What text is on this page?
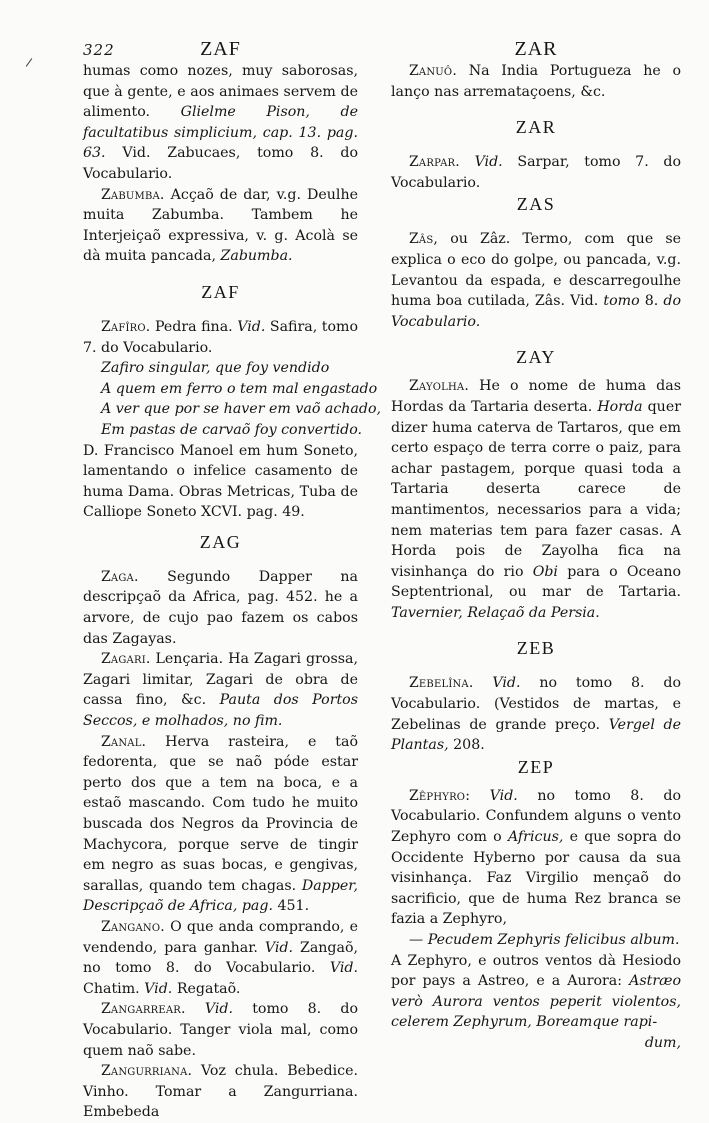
322	ZAF

humas como nozes, muy saborosas, que à gente, e aos animaes servem de alimento. Glielme Pison, de facultatibus simplicium, cap. 13. pag. 63. Vid. Zabucaes, tomo 8. do Vocabulario.

Zabumba. Acçaõ de dar, v.g. Deulhe muita Zabumba. Tambem he Interjeiçaõ expressiva, v. g. Acolà se dà muita pancada, Zabumba.

ZAF

Zafîro. Pedra fina. Vid. Safira, tomo 7. do Vocabulario.

Zafiro singular, que foy vendido
A quem em ferro o tem mal engastado
A ver que por se haver em vaõ achado,
Em pastas de carvaõ foy convertido.

D. Francisco Manoel em hum Soneto, lamentando o infelice casamento de huma Dama. Obras Metricas, Tuba de Calliope Soneto XCVI. pag. 49.

ZAG

Zaga. Segundo Dapper na descripçaõ da Africa, pag. 452. he a arvore, de cujo pao fazem os cabos das Zagayas.

Zagari. Lençaria. Ha Zagari grossa, Zagari limitar, Zagari de obra de cassa fino, &c. Pauta dos Portos Seccos, e molhados, no fim.

Zanal. Herva rasteira, e taõ fedorenta, que se naõ póde estar perto dos que a tem na boca, e a estaõ mascando. Com tudo he muito buscada dos Negros da Provincia de Machycora, porque serve de tingir em negro as suas bocas, e gengivas, sarallas, quando tem chagas. Dapper, Descripçaõ de Africa, pag. 451.

Zangano. O que anda comprando, e vendendo, para ganhar. Vid. Zangaõ, no tomo 8. do Vocabulario. Vid. Chatim. Vid. Regataõ.

Zangarrear. Vid. tomo 8. do Vocabulario. Tanger viola mal, como quem naõ sabe.

Zangurriana. Voz chula. Bebedice. Vinho. Tomar a Zangurriana. Embebeda

ZAR

Zanuô. Na India Portugueza he o lanço nas arremataçoens, &c.

ZAR

Zarpar. Vid. Sarpar, tomo 7. do Vocabulario.

ZAS

Zâs, ou Zâz. Termo, com que se explica o eco do golpe, ou pancada, v.g. Levantou da espada, e descarregoulhe huma boa cutilada, Zâs. Vid. tomo 8. do Vocabulario.

ZAY

Zayolha. He o nome de huma das Hordas da Tartaria deserta. Horda quer dizer huma caterva de Tartaros, que em certo espaço de terra corre o paiz, para achar pastagem, porque quasi toda a Tartaria deserta carece de mantimentos, necessarios para a vida; nem materias tem para fazer casas. A Horda pois de Zayolha fica na visinhança do rio Obi para o Oceano Septentrional, ou mar de Tartaria. Tavernier, Relaçaõ da Persia.

ZEB

Zebelîna. Vid. no tomo 8. do Vocabulario. (Vestidos de martas, e Zebelinas de grande preço. Vergel de Plantas, 208.

ZEP

Zêphyro: Vid. no tomo 8. do Vocabulario. Confundem alguns o vento Zephyro com o Africus, e que sopra do Occidente Hyberno por causa da sua visinhança. Faz Virgilio mençaõ do sacrificio, que de huma Rez branca se fazia a Zephyro,

— Pecudem Zephyris felicibus album.

A Zephyro, e outros ventos dà Hesiodo por pays a Astreo, e a Aurora: Astræo verò Aurora ventos peperit violentos, celerem Zephyrum, Boreamque rapi-

dum,
